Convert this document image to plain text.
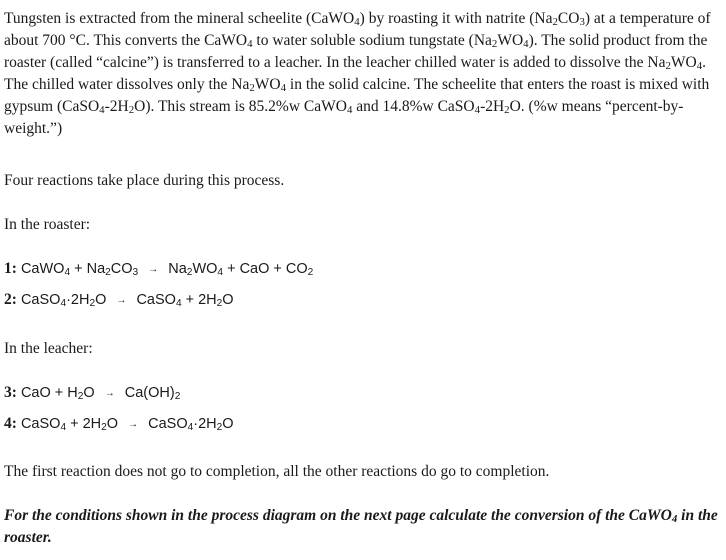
Tungsten is extracted from the mineral scheelite (CaWO$_4$) by roasting it with natrite $(Na_2CO_3)$ at a temperature of about 700 °C. This converts the CaWO$_4$ to water soluble sodium tungstate $(Na_2WO_4)$. The solid product from the roaster (called “calcine”) is transferred to a leacher. In the leacher chilled water is added to dissolve the $Na_2WO_4$. The chilled water dissolves only the $Na_2WO_4$ in the solid calcine. The scheelite that enters the roast is mixed with gypsum $(CaSO_4-2H_2O)$. This stream is 85.2%w CaWO$_4$ and 14.8%w $CaSO_4-2H_2O$. (%w means “percent-by-weight.”)

Four reactions take place during this process.

In the roaster:

1: CaWO$_4$ + $Na_2CO_3 \to Na_2WO_4$ + CaO + $CO_2$

2: $CaSO_4\cdot 2H_2O$ → CaSO$_4$ + $2H_2O$

In the leacher:

3: CaO + $H_2O \to Ca(OH)_2$

4: CaSO$_4$ + $2H_2O$ → $CaSO_4\cdot 2H_2O$

The first reaction does not go to completion, all the other reactions do go to completion.

For the conditions shown in the process diagram on the next page calculate the conversion of the CaWO$_4$ in the roaster.
